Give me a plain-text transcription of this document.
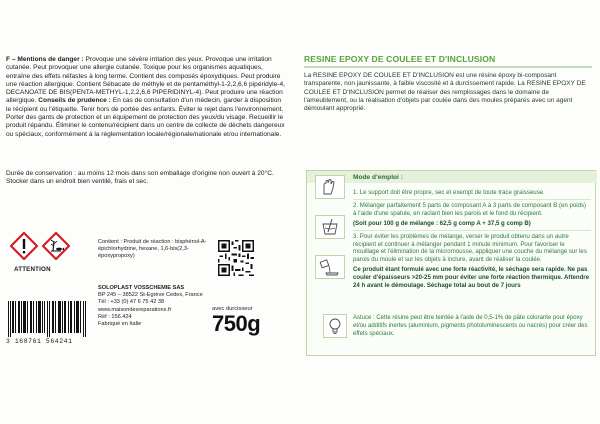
F – Mentions de danger : Provoque une sévère irritation des yeux. Provoque une irritation cutanée. Peut provoquer une allergie cutanée. Toxique pour les organismes aquatiques, entraîne des effets néfastes à long terme. Contient des composés époxydiques. Peut produire une réaction allergique. Contient Sébacate de méthyle et de pentaméthyl-1-2,2,6,6 pipéridyle-4, DECANOATE DE BIS(PENTA-METHYL-1,2,2,6,6 PIPERIDINYL-4). Peut produire une réaction allergique. Conseils de prudence : En cas de consultation d'un médecin, garder à disposition le récipient ou l'étiquette. Tenir hors de portée des enfants. Éviter le rejet dans l'environnement. Porter des gants de protection et un équipement de protection des yeux/du visage. Recueillir le produit répandu. Éliminer le contenu/récipient dans un centre de collecte de déchets dangereux ou spéciaux, conformément à la réglementation locale/régionale/nationale et/ou internationale.
Durée de conservation : au moins 12 mois dans son emballage d'origine non ouvert à 20°C. Stocker dans un endroit bien ventilé, frais et sec.
ATTENTION
Contient : Produit de réaction : bisphénol-A-épichlorhydrine, hexane, 1,6-bis(2,3-époxypropoxy)
SOLOPLAST VOSSCHEMIE SAS
BP 245 – 38522 St-Egrève Cedex, France
Tél : +33 (0) 47 6 75 42 38
www.maisondesreparations.fr
Réf : 156.424
Fabriqué en Italie
3 168761 564241
avec durcisseur
750g
RESINE EPOXY DE COULEE ET D'INCLUSION
La RESINE EPOXY DE COULEE ET D'INCLUSION est une résine époxy bi-composant transparente, non jaunissante, à faible viscosité et à durcissement rapide. La RESINE EPOXY DE COULEE ET D'INCLUSION permet de réaliser des remplissages dans le domaine de l'ameublement, ou la réalisation d'objets par coulée dans des moules préparés avec un agent démoulant approprié.
Mode d'emploi :
1. Le support doit être propre, sec et exempt de toute trace graisseuse.
2. Mélanger parfaitement 5 parts de composant A à 3 parts de composant B (en poids) à l'aide d'une spatule, en raclant bien les parois et le fond du récipient.
(Soit pour 100 g de mélange : 62,5 g comp A + 37,5 g comp B)
3. Pour éviter les problèmes de mélange, verser le produit obtenu dans un autre récipient et continuer à mélanger pendant 1 minute minimum. Pour favoriser le mouillage et l'élimination de la micromousse, appliquer une couche du mélange sur les parois du moule et sur les objets à inclure, avant de réaliser la coulée.
Ce produit étant formulé avec une forte réactivité, le séchage sera rapide. Ne pas couler d'épaisseurs >20-25 mm pour éviter une forte réaction thermique. Attendre 24 h avant le démoulage. Séchage total au bout de 7 jours
Astuce : Cette résine peut être teintée à l'aide de 0,5-1% de pâte colorante pour époxy et/ou additifs inertes (aluminium, pigments photoluminescents ou nacrés) pour créer des effets spéciaux.
